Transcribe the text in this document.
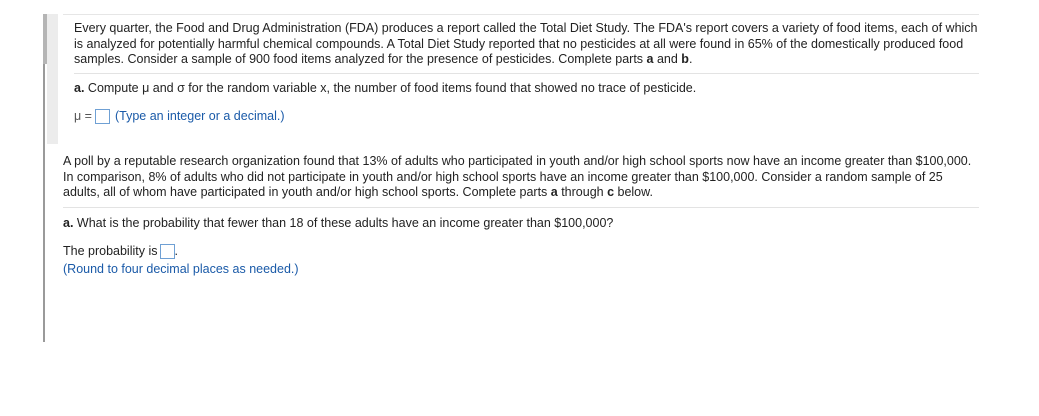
Every quarter, the Food and Drug Administration (FDA) produces a report called the Total Diet Study. The FDA's report covers a variety of food items, each of which is analyzed for potentially harmful chemical compounds. A Total Diet Study reported that no pesticides at all were found in 65% of the domestically produced food samples. Consider a sample of 900 food items analyzed for the presence of pesticides. Complete parts a and b.

a. Compute μ and σ for the random variable x, the number of food items found that showed no trace of pesticide.
μ = (Type an integer or a decimal.)

A poll by a reputable research organization found that 13% of adults who participated in youth and/or high school sports now have an income greater than $100,000. In comparison, 8% of adults who did not participate in youth and/or high school sports have an income greater than $100,000. Consider a random sample of 25 adults, all of whom have participated in youth and/or high school sports. Complete parts a through c below.

a. What is the probability that fewer than 18 of these adults have an income greater than $100,000?
The probability is .
(Round to four decimal places as needed.)
